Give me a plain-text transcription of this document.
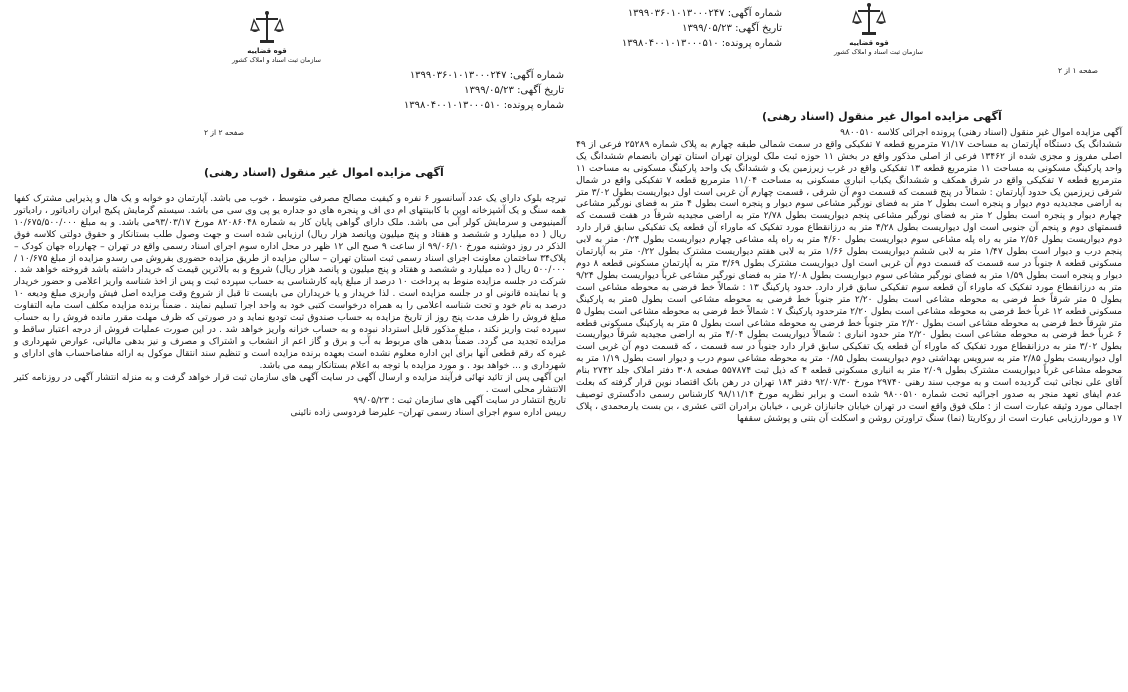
قوه قضاییه
سازمان ثبت اسناد و املاک کشور
شماره آگهی: ۱۳۹۹۰۳۶۰۱۰۱۳۰۰۰۲۴۷
تاریخ آگهی: ۱۳۹۹/۰۵/۲۳
شماره پرونده: ۱۳۹۸۰۴۰۰۱۰۱۳۰۰۰۵۱۰
صفحه ۲ از ۲
آگهی مزایده اموال غیر منقول (اسناد رهنی)

تیرچه بلوک دارای یک عدد آسانسور ۶ نفره و کیفیت مصالح مصرفی متوسط ، خوب می باشد. آپارتمان دو خوابه و یک هال و پذیرایی مشترک کفها همه سنگ و یک آشپزخانه اوپن با کابینتهای ام دی اف و پنجره های دو جداره یو پی وی سی می باشد. سیستم گرمایش پکیج ایران رادیاتور ، رادیاتور آلمینیومی و سرمایش کولر آبی می باشد. ملک دارای گواهی پایان کار به شماره ۸۲۰۸۶۰۴۸ مورخ ۹۳/۰۳/۱۷می باشد. و به مبلغ ۱۰/۶۷۵/۵۰۰/۰۰۰ ریال ( ده میلیارد و ششصد و هفتاد و پنج میلیون وپانصد هزار ریال) ارزیابی شده است و جهت وصول طلب بستانکار و حقوق دولتی کلاسه فوق الذکر در روز دوشنبه مورخ ۹۹/۰۶/۱۰ از ساعت ۹ صبح الی ۱۲ ظهر در محل اداره سوم اجرای اسناد رسمی واقع در تهران – چهارراه جهان کودک – پلاک۳۴ ساختمان معاونت اجرای اسناد رسمی ثبت استان تهران – سالن مزایده از طریق مزایده حضوری بفروش می رسدو مزایده از مبلغ ۱۰/۶۷۵ /۵۰۰/۰۰۰ ریال ( ده میلیارد و ششصد و هفتاد و پنج میلیون و پانصد هزار ریال) شروع و به بالاترین قیمت که خریدار داشته باشد فروخته خواهد شد . شرکت در جلسه مزایده منوط به پرداخت ۱۰ درصد از مبلغ پایه کارشناسی به حساب سپرده ثبت و پس از اخذ شناسه واریز اعلامی و حضور خریدار و یا نماینده قانونی او در جلسه مزایده است . لذا خریدار و یا خریداران می بایست تا قبل از شروع وقت مزایده اصل فیش واریزی مبلغ ودیعه ۱۰ درصد به نام خود و تحت شناسه اعلامی را به همراه درخواست کتبی خود به واحد اجرا تسلیم نمایند . ضمناً برنده مزایده مکلف است مابه التفاوت مبلغ فروش را ظرف مدت پنج روز از تاریخ مزایده به حساب صندوق ثبت تودیع نماید و در صورتی که ظرف مهلت مقرر مانده فروش را به حساب سپرده ثبت واریز نکند ، مبلغ مذکور قابل استرداد نبوده و به حساب خزانه واریز خواهد شد . در این صورت عملیات فروش از درجه اعتبار ساقط و مزایده تجدید می گردد. ضمناً بدهی های مربوط به آب و برق و گاز اعم از انشعاب و اشتراک و مصرف و نیز بدهی مالیاتی، عوارض شهرداری و غیره که رقم قطعی آنها برای این اداره معلوم نشده است بعهده برنده مزایده است و تنظیم سند انتقال موکول به ارائه مفاصاحساب های ادارای و شهرداری و ... خواهد بود . و مورد مزایده با توجه به اعلام بستانکار بیمه می باشد.

این آگهی پس از تائید نهائی فرآیند مزایده و ارسال آگهی در سایت آگهی های سازمان ثبت قرار خواهد گرفت و به منزله انتشار آگهی در روزنامه کثیر الانتشار محلی است .

تاریخ انتشار در سایت آگهی های سازمان ثبت : ۹۹/۰۵/۲۳

رییس اداره سوم اجرای اسناد رسمی تهران– علیرضا فردوسی زاده نائینی

شماره آگهی: ۱۳۹۹۰۳۶۰۱۰۱۳۰۰۰۲۴۷
تاریخ آگهی: ۱۳۹۹/۰۵/۲۳
شماره پرونده: ۱۳۹۸۰۴۰۰۱۰۱۳۰۰۰۵۱۰	قوه قضاییه
سازمان ثبت اسناد و املاک کشور
صفحه ۱ از ۲
آگهی مزایده اموال غیر منقول (اسناد رهنی)

آگهی مزایده اموال غیر منقول (اسناد رهنی) پرونده اجرائی کلاسه ۹۸۰۰۵۱۰

ششدانگ یک دستگاه آپارتمان به مساحت ۷۱/۱۷ مترمربع قطعه ۷ تفکیکی واقع در سمت شمالی طبقه چهارم به پلاک شماره ۲۵۲۸۹ فرعی از ۴۹ اصلی مفروز و مجزی شده از ۱۳۴۶۲ فرعی از اصلی مذکور واقع در بخش ۱۱ حوزه ثبت ملک لویزان تهران استان تهران بانضمام ششدانگ یک واحد پارکینگ مسکونی به مساحت ۱۱ مترمربع قطعه ۱۳ تفکیکی واقع در غرب زیرزمین یک و ششدانگ یک واحد پارکینگ مسکونی به مساحت ۱۱ مترمربع قطعه ۷ تفکیکی واقع در شرق همکف و ششدانگ یکباب انباری مسکونی به مساحت ۱۱/۰۴ مترمربع قطعه ۷ تفکیکی واقع در شمال شرقی زیرزمین یک حدود آپارتمان : شمالاً در پنج قسمت که قسمت دوم آن شرقی ، قسمت چهارم آن غربی است اول دیواریست بطول ۳/۰۲ متر به اراضی مجدیدیه دوم دیوار و پنجره است بطول ۲ متر به فضای نورگیر مشاعی سوم دیوار و پنجره است بطول ۴ متر به فضای نورگیر مشاعی چهارم دیوار و پنجره است بطول ۲ متر به فضای نورگیر مشاعی پنجم دیواریست بطول ۲/۷۸ متر به اراضی مجیدیه شرقاً در هفت قسمت که قسمتهای دوم و پنجم آن جنوبی است اول دیواریست بطول ۴/۲۸ متر به درزانقطاع مورد تفکیک که ماوراء آن قطعه یک تفکیکی سابق قرار دارد دوم دیواریست بطول ۲/۵۶ متر به راه پله مشاعی سوم دیواریست بطول ۴/۶۰ متر به راه پله مشاعی چهارم دیواریست بطول ۰/۲۴ متر به لابی پنجم درب و دیوار است بطول ۱/۴۷ متر به لابی ششم دیواریست بطول ۱/۶۶ متر به لابی هفتم دیواریست مشترک بطول ۰/۲۲ متر به آپارتمان مسکونی قطعه ۸ جنوباً در سه قسمت که قسمت دوم آن غربی است اول دیواریست مشترک بطول ۳/۶۹ متر به آپارتمان مسکونی قطعه ۸ دوم دیوار و پنجره است بطول ۱/۵۹ متر به فضای نورگیر مشاعی سوم دیواریست بطول ۲/۰۸ متر به فضای نورگیر مشاعی غرباً دیواریست بطول ۹/۲۴ متر به درزانقطاع مورد تفکیک که ماوراء آن قطعه سوم تفکیکی سابق قرار دارد. حدود پارکینگ ۱۳ : شمالاً خط فرضی به محوطه مشاعی است بطول ۵ متر شرقاً خط فرضی به محوطه مشاعی است بطول ۲/۲۰ متر جنوباً خط فرضی به محوطه مشاعی است بطول ۵متر به پارکینگ مسکونی قطعه ۱۲ غرباً خط فرضی به محوطه مشاعی است بطول ۲/۲۰ مترحدود پارکینگ ۷ : شمالاً خط فرضی به محوطه مشاعی است بطول ۵ متر شرقاً خط فرضی به محوطه مشاعی است بطول ۲/۲۰ متر جنوباً خط فرضی به محوطه مشاعی است بطول ۵ متر به پارکینگ مسکونی قطعه ۶ غرباً خط فرضی به محوطه مشاعی است بطول ۲/۲۰ متر حدود انباری : شمالاً دیواریست بطول ۴/۰۴ متر به اراضی مجیدیه شرقاً دیواریست بطول ۳/۰۲ متر به درزانقطاع مورد تفکیک که ماوراء آن قطعه یک تفکیکی سابق قرار دارد جنوباً در سه قسمت ، که قسمت دوم آن غربی است اول دیواریست بطول ۲/۸۵ متر به سرویس بهداشتی دوم دیواریست بطول ۰/۸۵ متر به محوطه مشاعی سوم درب و دیوار است بطول ۱/۱۹ متر به محوطه مشاعی غرباً دیواریست مشترک بطول ۲/۰۹ متر به انباری مسکونی قطعه ۴ که ذیل ثبت ۵۵۷۸۷۴ صفحه ۳۰۸ دفتر املاک جلد ۲۷۴۲ بنام آقای علی نجاتی ثبت گردیده است و به موجب سند رهنی ۲۹۷۴۰ مورخ ۹۲/۰۷/۳۰ دفتر ۱۸۴ تهران در رهن بانک اقتصاد نوین قرار گرفته که بعلت عدم ایفای تعهد منجر به صدور اجرائیه تحت شماره ۹۸۰۰۵۱۰ شده است و برابر نظریه مورخ ۹۸/۱۱/۱۴ کارشناس رسمی دادگستری توصیف اجمالی مورد وثیقه عبارت است از : ملک فوق واقع است در تهران خیابان جانبازان غربی ، خیابان برادران ائتی عشری ، بن بست یارمحمدی ، پلاک ۱۷ و موردارزیابی عبارت است از روکاریتا (نما) سنگ تراورتن روشن و اسکلت آن بتنی و پوشش سقفها
